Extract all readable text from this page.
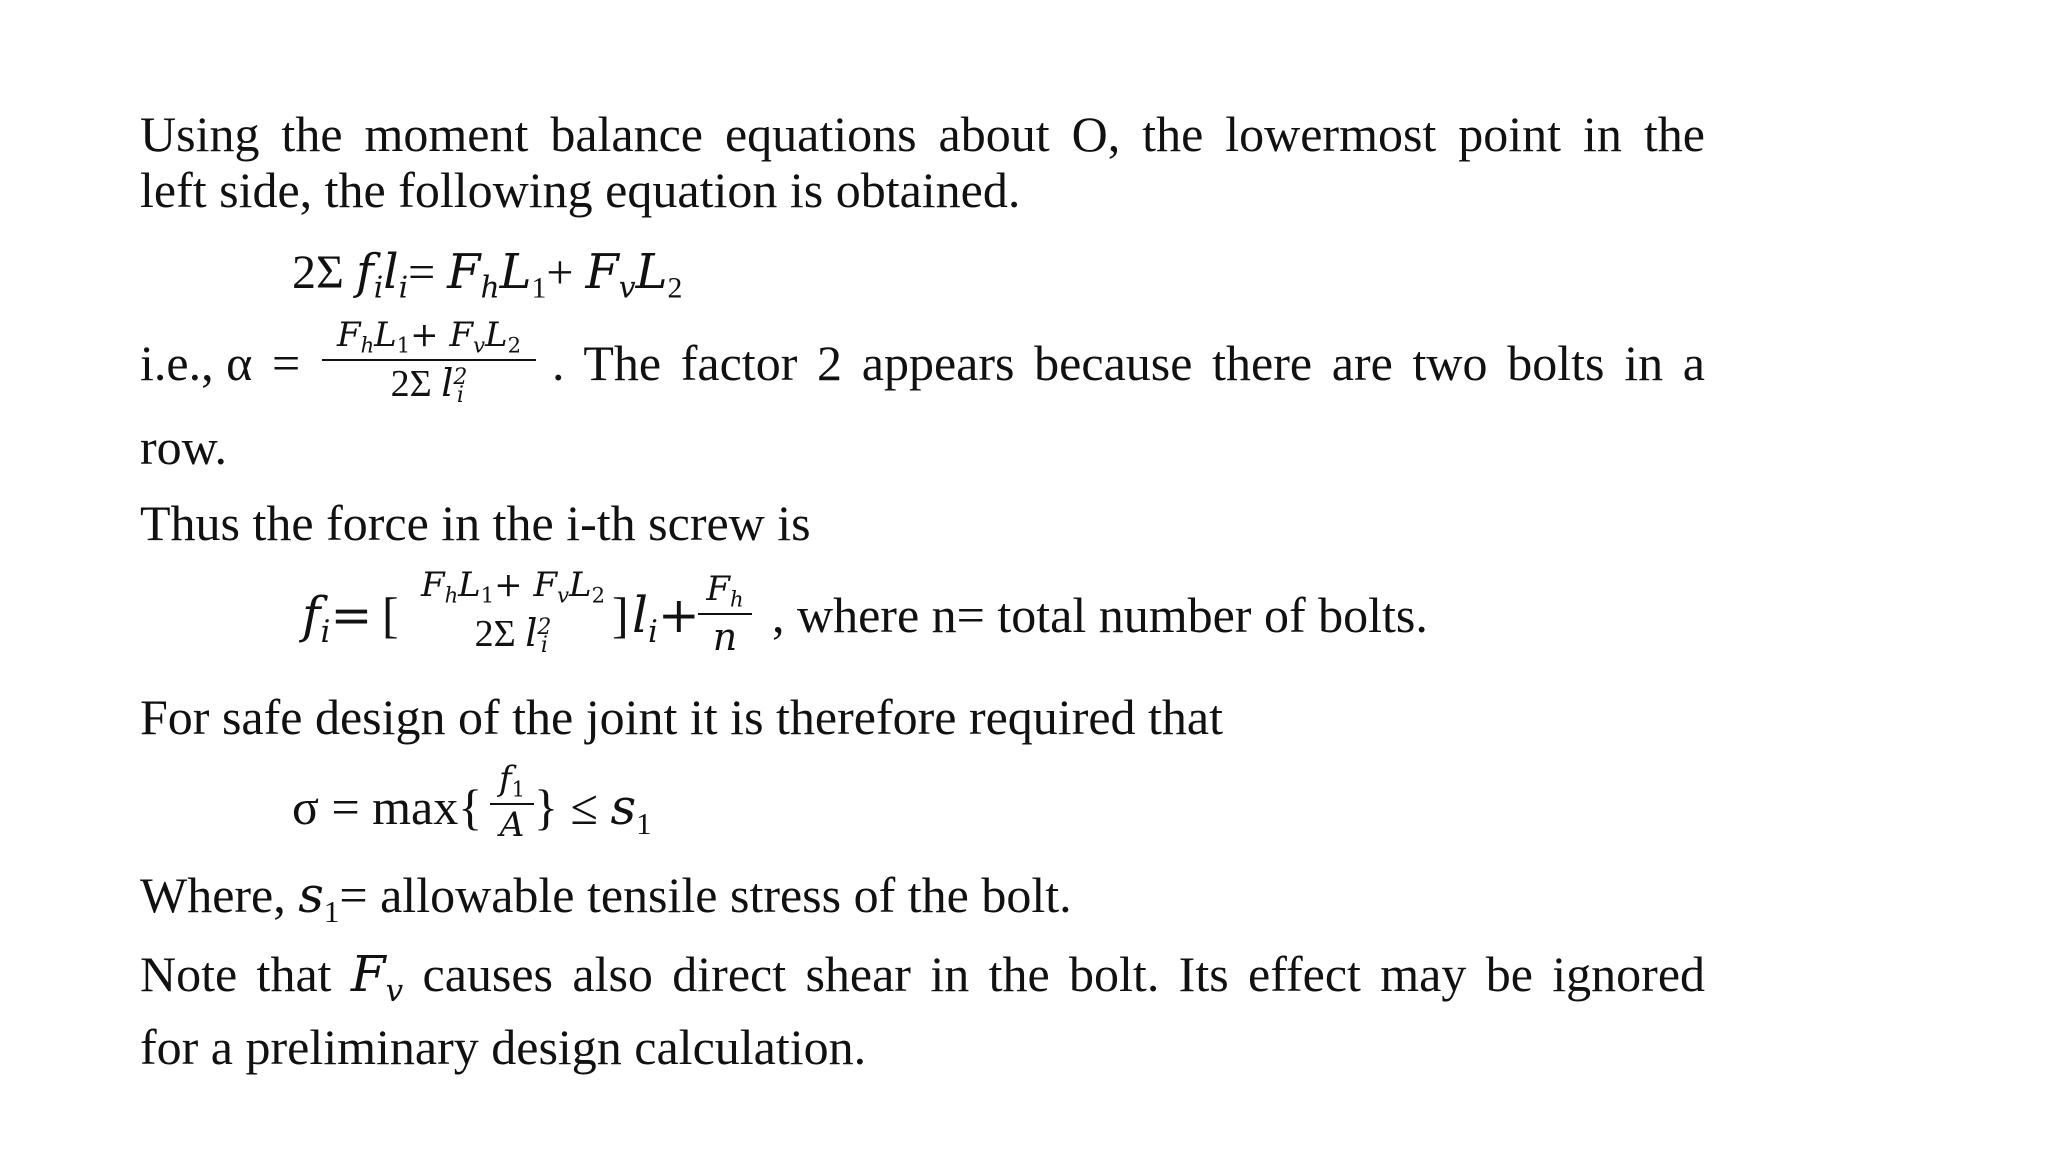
Using the moment balance equations about O, the lowermost point in the
left side, the following equation is obtained.
2Σ $f_il_i= F_hL_1+ F_vL_2$
i.e., α =	$F_hL_1+ F_vL_2$
2Σ l 2
i
. The factor 2 appears because there are two bolts in a
row.
Thus the force in the i-th screw is
$f_i=$ [
$F_hL_1+ F_vL_2$
2Σ l 2
i
] $l_i+ F_h$
n , where n= total number of bolts.
For safe design of the joint it is therefore required that
σ = max{ $f_1$
A } ≤ $s_1$
Where, $s_1=$ allowable tensile stress of the bolt.
Note that $F_v$ causes also direct shear in the bolt. Its effect may be ignored
for a preliminary design calculation.
